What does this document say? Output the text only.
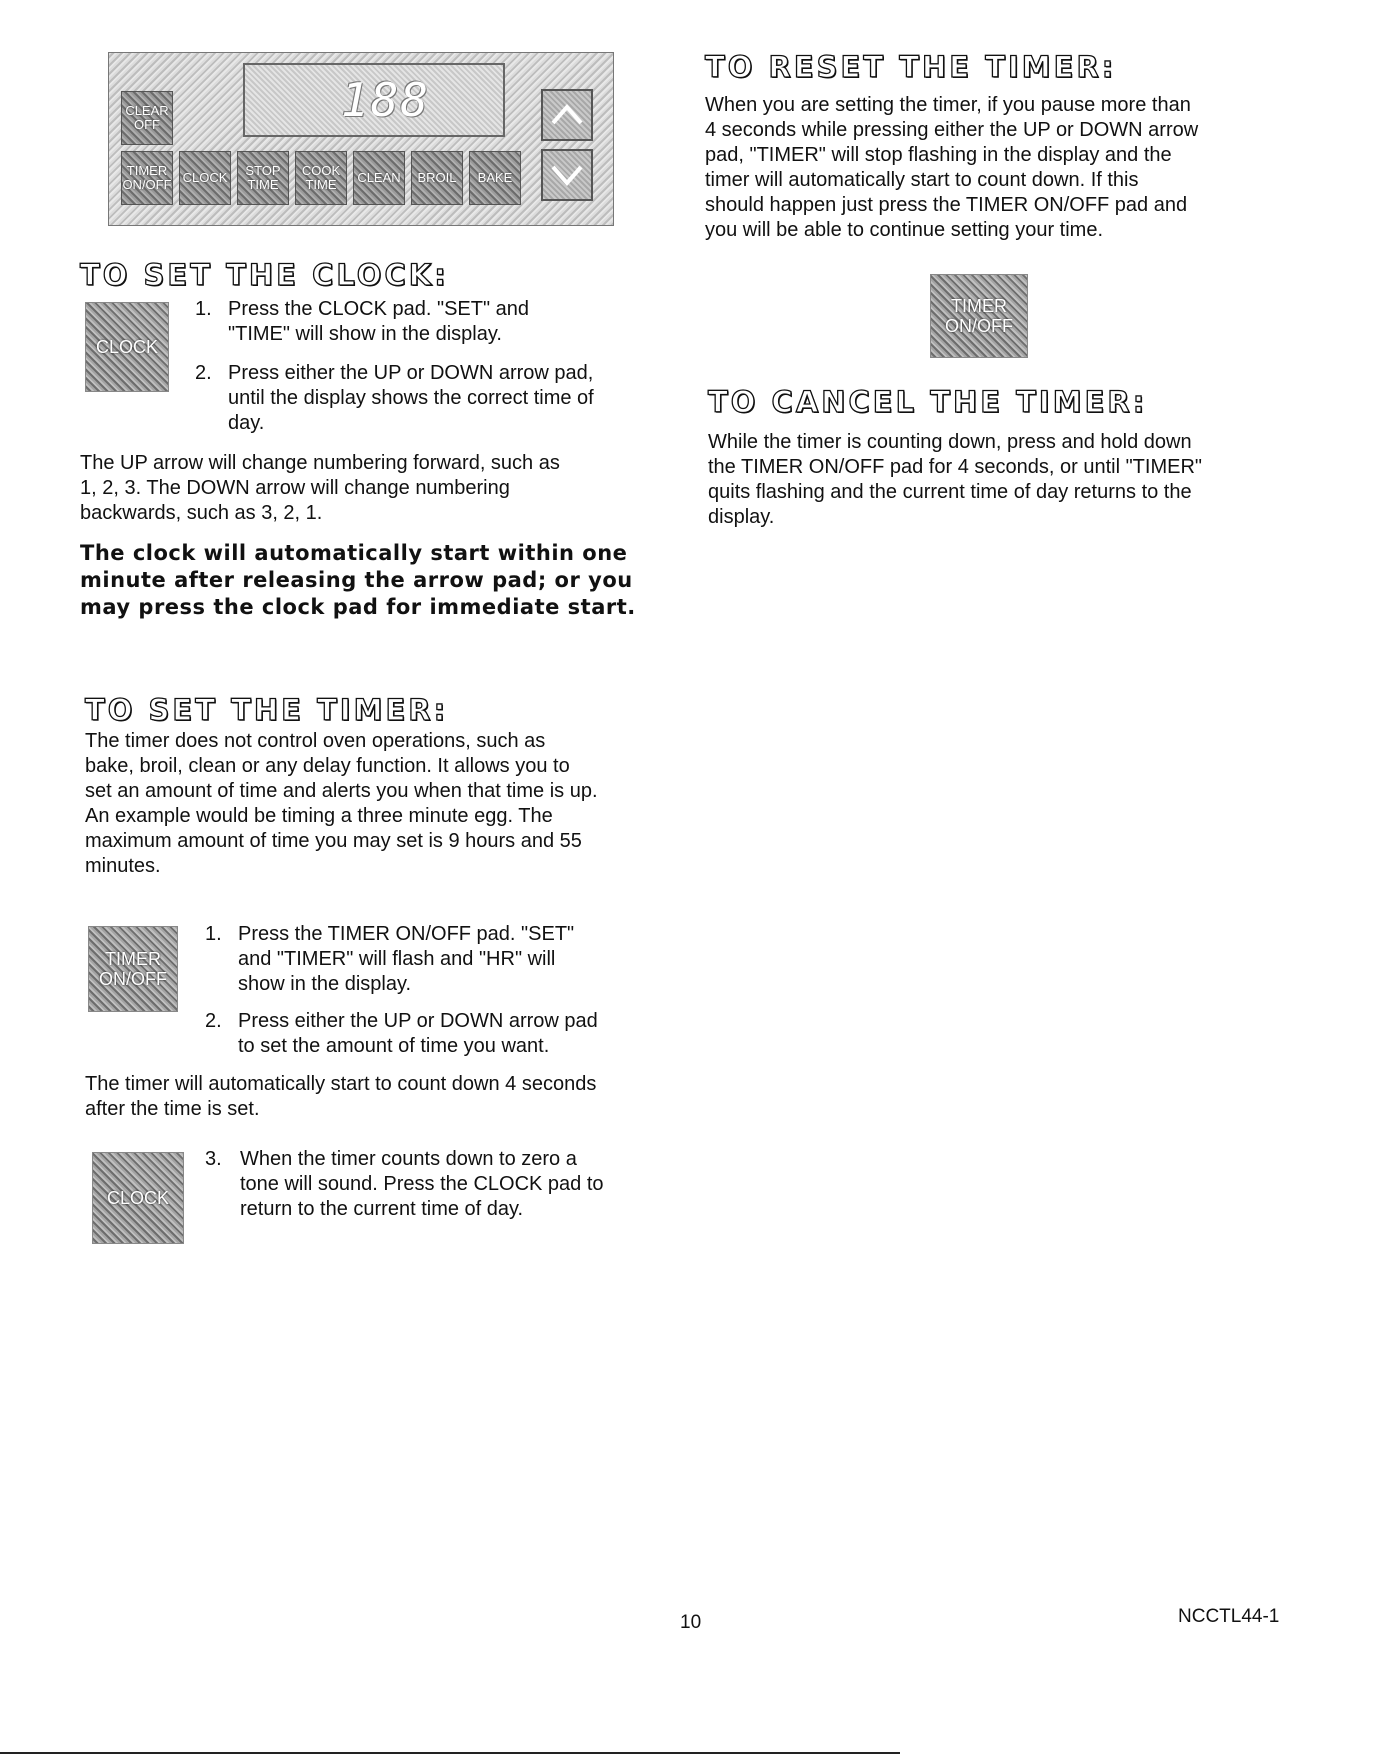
188
CLEAR
OFF
TIMER
ON/OFF CLOCK	STOP
TIME
COOK
TIME	CLEAN	BROIL	BAKE
TO SET THE CLOCK:
CLOCK
1. Press the CLOCK pad. "SET" and
"TIME" will show in the display.

2. Press either the UP or DOWN arrow pad,
until the display shows the correct time of
day.

The UP arrow will change numbering forward, such as
1, 2, 3. The DOWN arrow will change numbering
backwards, such as 3, 2, 1.

The clock will automatically start within one
minute after releasing the arrow pad; or you
may press the clock pad for immediate start.

TO SET THE TIMER:

The timer does not control oven operations, such as
bake, broil, clean or any delay function. It allows you to
set an amount of time and alerts you when that time is up.
An example would be timing a three minute egg. The
maximum amount of time you may set is 9 hours and 55
minutes.

TIMER
ON/OFF
1. Press the TIMER ON/OFF pad. "SET"
and "TIMER" will flash and "HR" will
show in the display.

2. Press either the UP or DOWN arrow pad
to set the amount of time you want.

The timer will automatically start to count down 4 seconds
after the time is set.

CLOCK
3. When the timer counts down to zero a
tone will sound. Press the CLOCK pad to
return to the current time of day.

TO RESET THE TIMER:

When you are setting the timer, if you pause more than
4 seconds while pressing either the UP or DOWN arrow
pad, "TIMER" will stop flashing in the display and the
timer will automatically start to count down. If this
should happen just press the TIMER ON/OFF pad and
you will be able to continue setting your time.

TIMER
ON/OFF
TO CANCEL THE TIMER:

While the timer is counting down, press and hold down
the TIMER ON/OFF pad for 4 seconds, or until "TIMER"
quits flashing and the current time of day returns to the
display.

10	NCCTL44-1
